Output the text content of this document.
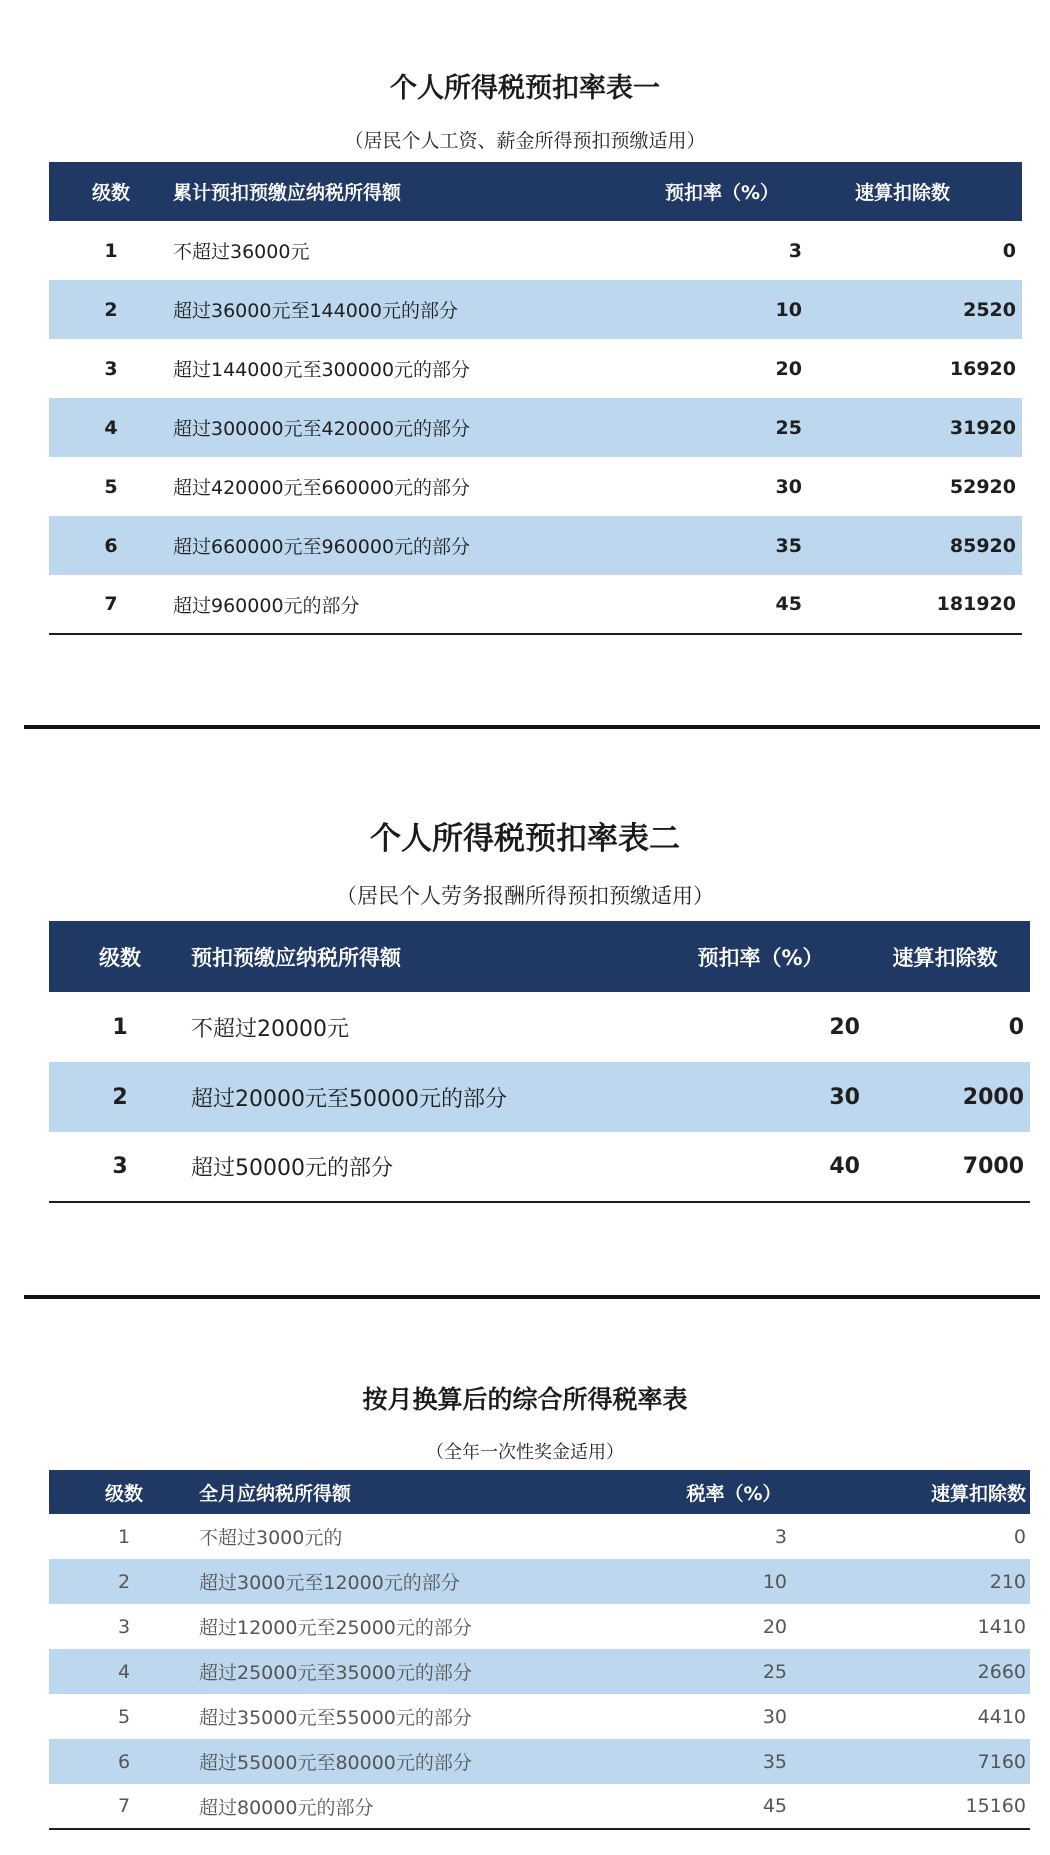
个人所得税预扣率表一
（居民个人工资、薪金所得预扣预缴适用）
级数	累计预扣预缴应纳税所得额	预扣率（%）	速算扣除数
1	不超过36000元	3	0
2	超过36000元至144000元的部分	10	2520
3	超过144000元至300000元的部分	20	16920
4	超过300000元至420000元的部分	25	31920
5	超过420000元至660000元的部分	30	52920
6	超过660000元至960000元的部分	35	85920
7	超过960000元的部分	45	181920
个人所得税预扣率表二
（居民个人劳务报酬所得预扣预缴适用）
级数	预扣预缴应纳税所得额	预扣率（%）	速算扣除数
1	不超过20000元	20	0
2	超过20000元至50000元的部分	30	2000
3	超过50000元的部分	40	7000
按月换算后的综合所得税率表
（全年一次性奖金适用）
级数	全月应纳税所得额	税率（%）	速算扣除数
1	不超过3000元的	3	0
2	超过3000元至12000元的部分	10	210
3	超过12000元至25000元的部分	20	1410
4	超过25000元至35000元的部分	25	2660
5	超过35000元至55000元的部分	30	4410
6	超过55000元至80000元的部分	35	7160
7	超过80000元的部分	45	15160
